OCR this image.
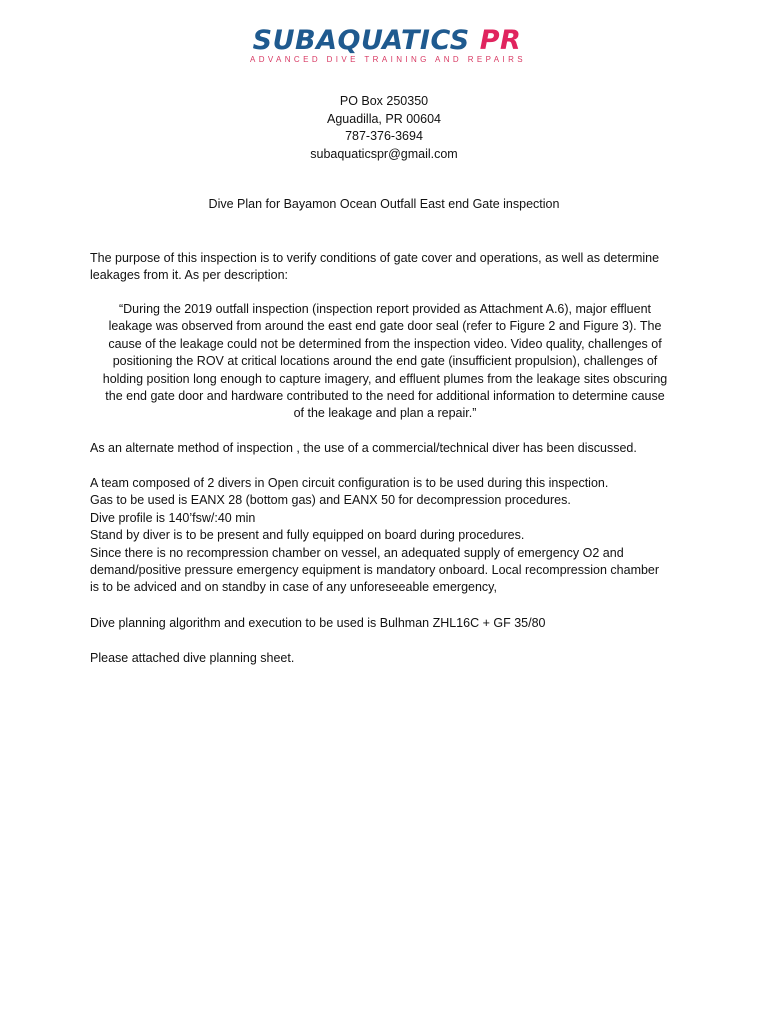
SUBAQUATICS PR
ADVANCED DIVE TRAINING AND REPAIRS
PO Box 250350
Aguadilla, PR 00604
787-376-3694
subaquaticspr@gmail.com
Dive Plan for Bayamon Ocean Outfall East end Gate inspection
The purpose of this inspection is to verify conditions of gate cover and operations, as well as determine
leakages from it. As per description:
“During the 2019 outfall inspection (inspection report provided as Attachment A.6), major effluent
leakage was observed from around the east end gate door seal (refer to Figure 2 and Figure 3). The
cause of the leakage could not be determined from the inspection video. Video quality, challenges of
positioning the ROV at critical locations around the end gate (insufficient propulsion), challenges of
holding position long enough to capture imagery, and effluent plumes from the leakage sites obscuring
the end gate door and hardware contributed to the need for additional information to determine cause
of the leakage and plan a repair.”
As an alternate method of inspection , the use of a commercial/technical diver has been discussed.
A team composed of 2 divers in Open circuit configuration is to be used during this inspection.
Gas to be used is EANX 28 (bottom gas) and EANX 50 for decompression procedures.
Dive profile is 140’fsw/:40 min
Stand by diver is to be present and fully equipped on board during procedures.
Since there is no recompression chamber on vessel, an adequated supply of emergency O2 and
demand/positive pressure emergency equipment is mandatory onboard. Local recompression chamber
is to be adviced and on standby in case of any unforeseeable emergency,
Dive planning algorithm and execution to be used is Bulhman ZHL16C + GF 35/80
Please attached dive planning sheet.
